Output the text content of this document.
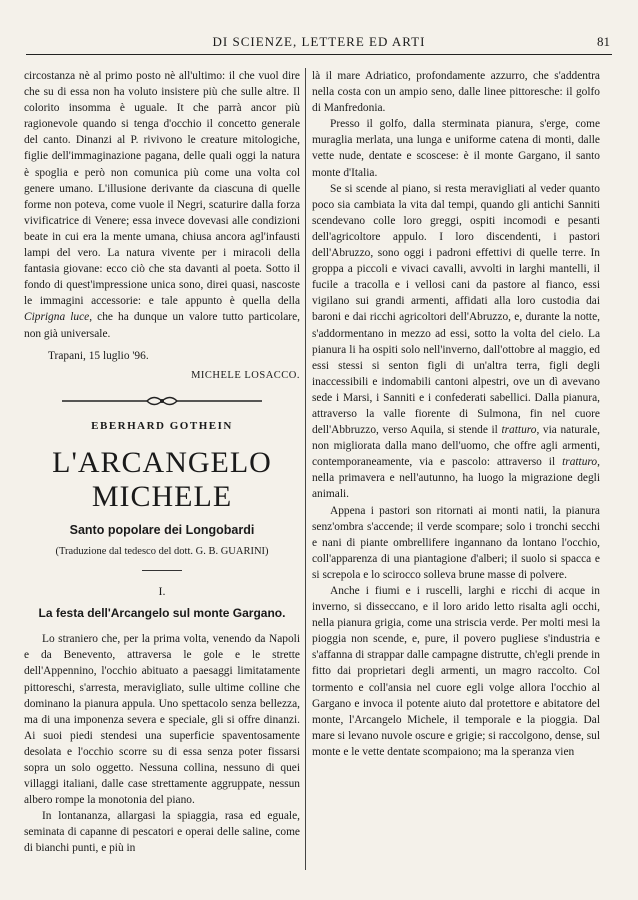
DI SCIENZE, LETTERE ED ARTI	81

circostanza nè al primo posto nè all'ultimo: il che vuol dire che su di essa non ha voluto insistere più che sulle altre. Il colorito insomma è uguale. It che parrà ancor più ragionevole quando si tenga d'occhio il concetto generale del canto. Dinanzi al P. rivivono le creature mitologiche, figlie dell'immaginazione pagana, delle quali oggi la natura è spoglia e però non comunica più come una volta col genere umano. L'illusione derivante da ciascuna di quelle forme non poteva, come vuole il Negri, scaturire dalla forza vivificatrice di Venere; essa invece dovevasi alle condizioni beate in cui era la mente umana, chiusa ancora agl'infausti lampi del vero. La natura vivente per i miracoli della fantasia giovane: ecco ciò che sta davanti al poeta. Sotto il fondo di quest'impressione unica sono, direi quasi, nascoste le immagini accessorie: e tale appunto è quella della Ciprigna luce, che ha dunque un valore tutto particolare, non già universale.

Trapani, 15 luglio '96.

MICHELE LOSACCO.

EBERHARD GOTHEIN
L'ARCANGELO MICHELE
Santo popolare dei Longobardi
(Traduzione dal tedesco del dott. G. B. GUARINI)
I.
La festa dell'Arcangelo sul monte Gargano.

Lo straniero che, per la prima volta, venendo da Napoli e da Benevento, attraversa le gole e le strette dell'Appennino, l'occhio abituato a paesaggi limitatamente pittoreschi, s'arresta, meravigliato, sulle ultime colline che dominano la pianura appula. Uno spettacolo senza bellezza, ma di una imponenza severa e speciale, gli si offre dinanzi. Ai suoi piedi stendesi una superficie spaventosamente desolata e l'occhio scorre su di essa senza poter fissarsi sopra un solo oggetto. Nessuna collina, nessuno di quei villaggi italiani, dalle case strettamente aggruppate, nessun albero rompe la monotonia del piano.

In lontananza, allargasi la spiaggia, rasa ed eguale, seminata di capanne di pescatori e operai delle saline, come di bianchi punti, e più in

là il mare Adriatico, profondamente azzurro, che s'addentra nella costa con un ampio seno, dalle linee pittoresche: il golfo di Manfredonia.

Presso il golfo, dalla sterminata pianura, s'erge, come muraglia merlata, una lunga e uniforme catena di monti, dalle vette nude, dentate e scoscese: è il monte Gargano, il santo monte d'Italia.

Se si scende al piano, si resta meravigliati al veder quanto poco sia cambiata la vita dal tempi, quando gli antichi Sanniti scendevano colle loro greggi, ospiti incomodi e pesanti dell'agricoltore appulo. I loro discendenti, i pastori dell'Abruzzo, sono oggi i padroni effettivi di quelle terre. In groppa a piccoli e vivaci cavalli, avvolti in larghi mantelli, il fucile a tracolla e i vellosi cani da pastore al fianco, essi vigilano sui grandi armenti, affidati alla loro custodia dai baroni e dai ricchi agricoltori dell'Abruzzo, e, durante la notte, s'addormentano in mezzo ad essi, sotto la volta del cielo. La pianura li ha ospiti solo nell'inverno, dall'ottobre al maggio, ed essi stessi si senton figli di un'altra terra, figli degli inaccessibili e indomabili cantoni alpestri, ove un dì avevano sede i Marsi, i Sanniti e i confederati sabellici. Dalla pianura, attraverso la valle fiorente di Sulmona, fin nel cuore dell'Abbruzzo, verso Aquila, si stende il tratturo, via naturale, non migliorata dalla mano dell'uomo, che offre agli armenti, contemporaneamente, via e pascolo: attraverso il tratturo, nella primavera e nell'autunno, ha luogo la migrazione degli animali.

Appena i pastori son ritornati ai monti natii, la pianura senz'ombra s'accende; il verde scompare; solo i tronchi secchi e nani di piante ombrellifere ingannano da lontano l'occhio, coll'apparenza di una piantagione d'alberi; il suolo si spacca e si screpola e lo scirocco solleva brune masse di polvere.

Anche i fiumi e i ruscelli, larghi e ricchi di acque in inverno, si disseccano, e il loro arido letto risalta agli occhi, nella pianura grigia, come una striscia verde. Per molti mesi la pioggia non scende, e, pure, il povero pugliese s'industria e s'affanna di strappar dalle campagne distrutte, ch'egli prende in fitto dai proprietari degli armenti, un magro raccolto. Col tormento e coll'ansia nel cuore egli volge allora l'occhio al Gargano e invoca il potente aiuto dal protettore e abitatore del monte, l'Arcangelo Michele, il temporale e la pioggia. Dal mare si levano nuvole oscure e grigie; si raccolgono, dense, sul monte e le vette dentate scompaiono; ma la speranza vien
